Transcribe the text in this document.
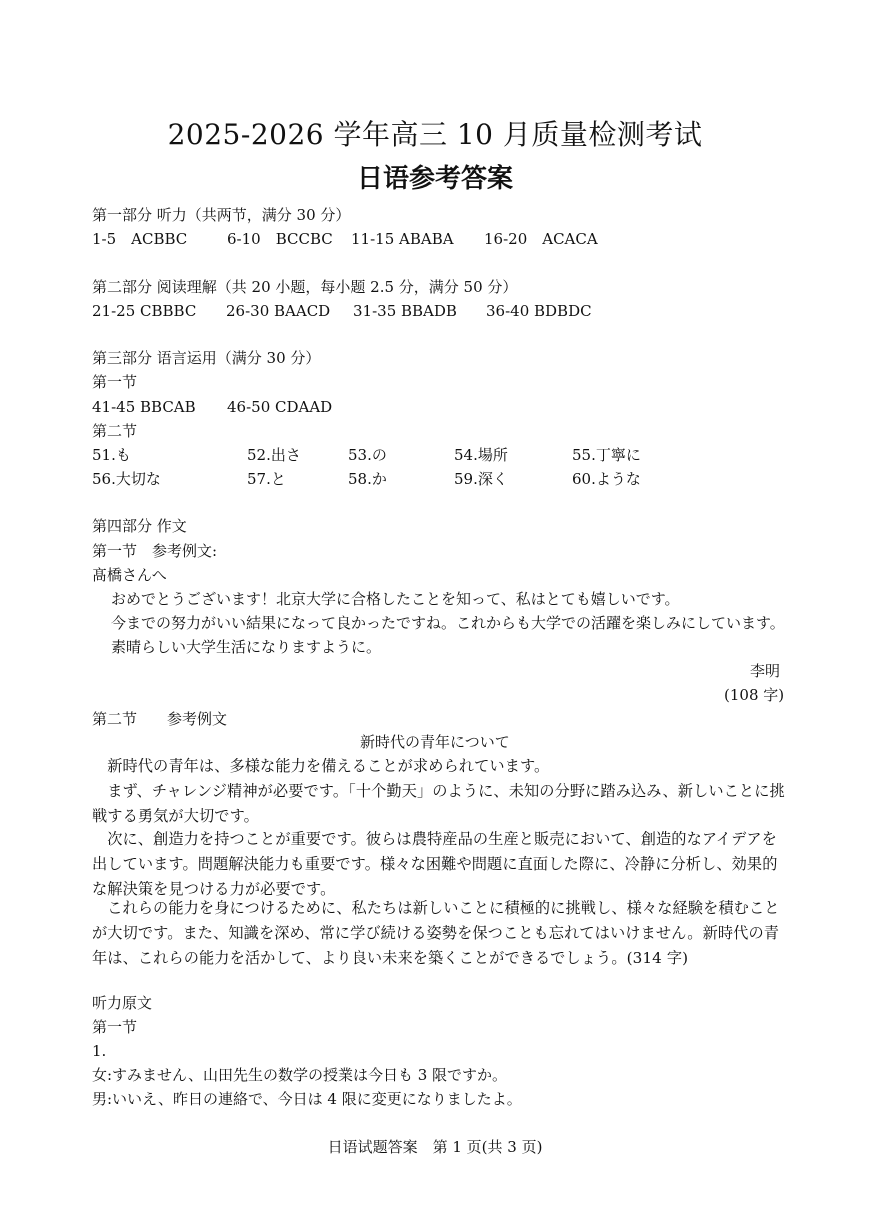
2025-2026 学年高三 10 月质量检测考试
日语参考答案
第一部分 听力（共两节，满分 30 分）
1-5　ACBBC	6-10　BCCBC 11-15 ABABA 16-20　ACACA
第二部分 阅读理解（共 20 小题，每小题 2.5 分，满分 50 分）
21-25 CBBBC 26-30 BAACD 31-35 BBADB 36-40 BDBDC
第三部分 语言运用（满分 30 分）
第一节
41-45 BBCAB 46-50 CDAAD
第二节
51.も	52.出さ	53.の	54.場所	55.丁寧に
56.大切な	57.と	58.か	59.深く	60.ような
第四部分 作文
第一节　参考例文:
髙橋さんへ
おめでとうございます！北京大学に合格したことを知って、私はとても嬉しいです。
今までの努力がいい結果になって良かったですね。これからも大学での活躍を楽しみにしています。
素晴らしい大学生活になりますように。
李明
(108 字)
第二节　　参考例文
新時代の青年について
新時代の青年は、多様な能力を備えることが求められています。
まず、チャレンジ精神が必要です。「十个勤天」のように、未知の分野に踏み込み、新しいことに挑戦する勇気が大切です。
次に、創造力を持つことが重要です。彼らは農特産品の生産と販売において、創造的なアイデアを出しています。問題解決能力も重要です。様々な困難や問題に直面した際に、冷静に分析し、効果的な解決策を見つける力が必要です。
これらの能力を身につけるために、私たちは新しいことに積極的に挑戦し、様々な経験を積むことが大切です。また、知識を深め、常に学び続ける姿勢を保つことも忘れてはいけません。新時代の青年は、これらの能力を活かして、より良い未来を築くことができるでしょう。(314 字)
听力原文
第一节
1.
女:すみません、山田先生の数学の授業は今日も 3 限ですか。
男:いいえ、昨日の連絡で、今日は 4 限に変更になりましたよ。
日语试题答案　第 1 页(共 3 页)
